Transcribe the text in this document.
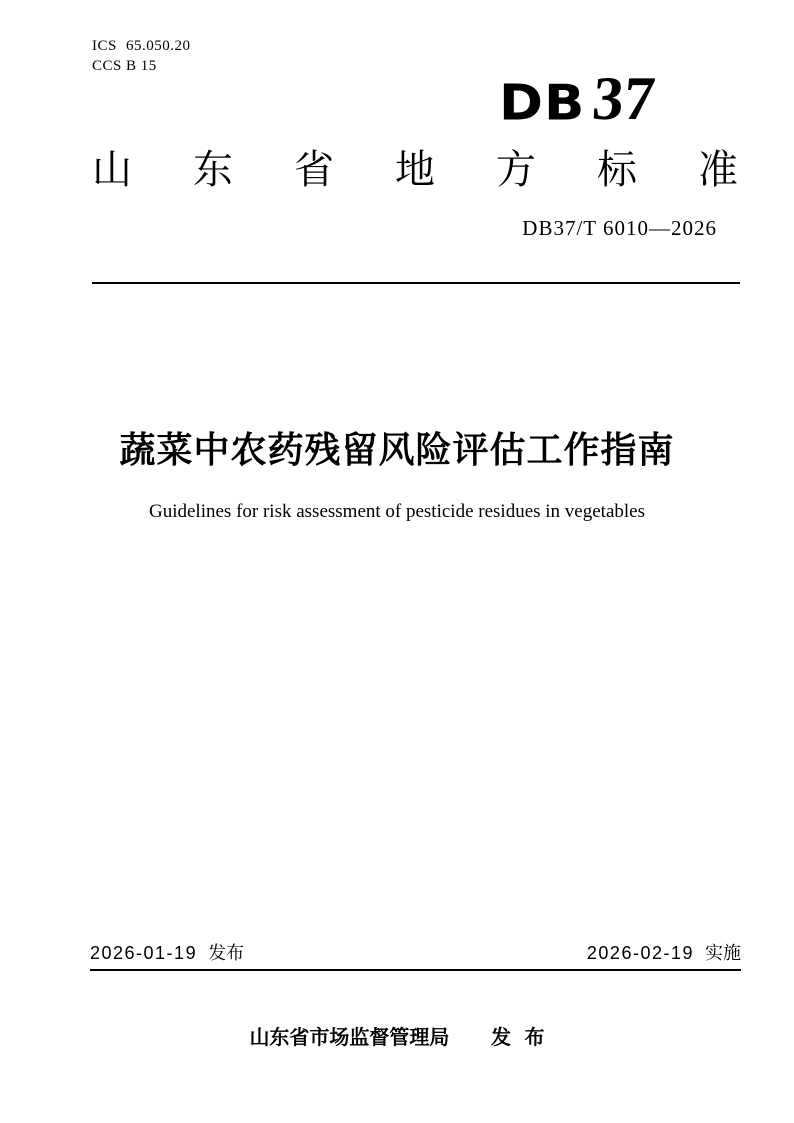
ICS 65.050.20
CCS B 15
DB 37
山 东 省 地 方 标 准
DB37/T 6010—2026
蔬菜中农药残留风险评估工作指南
Guidelines for risk assessment of pesticide residues in vegetables
2026-01-19 发布	2026-02-19 实施
山东省市场监督管理局 发 布
